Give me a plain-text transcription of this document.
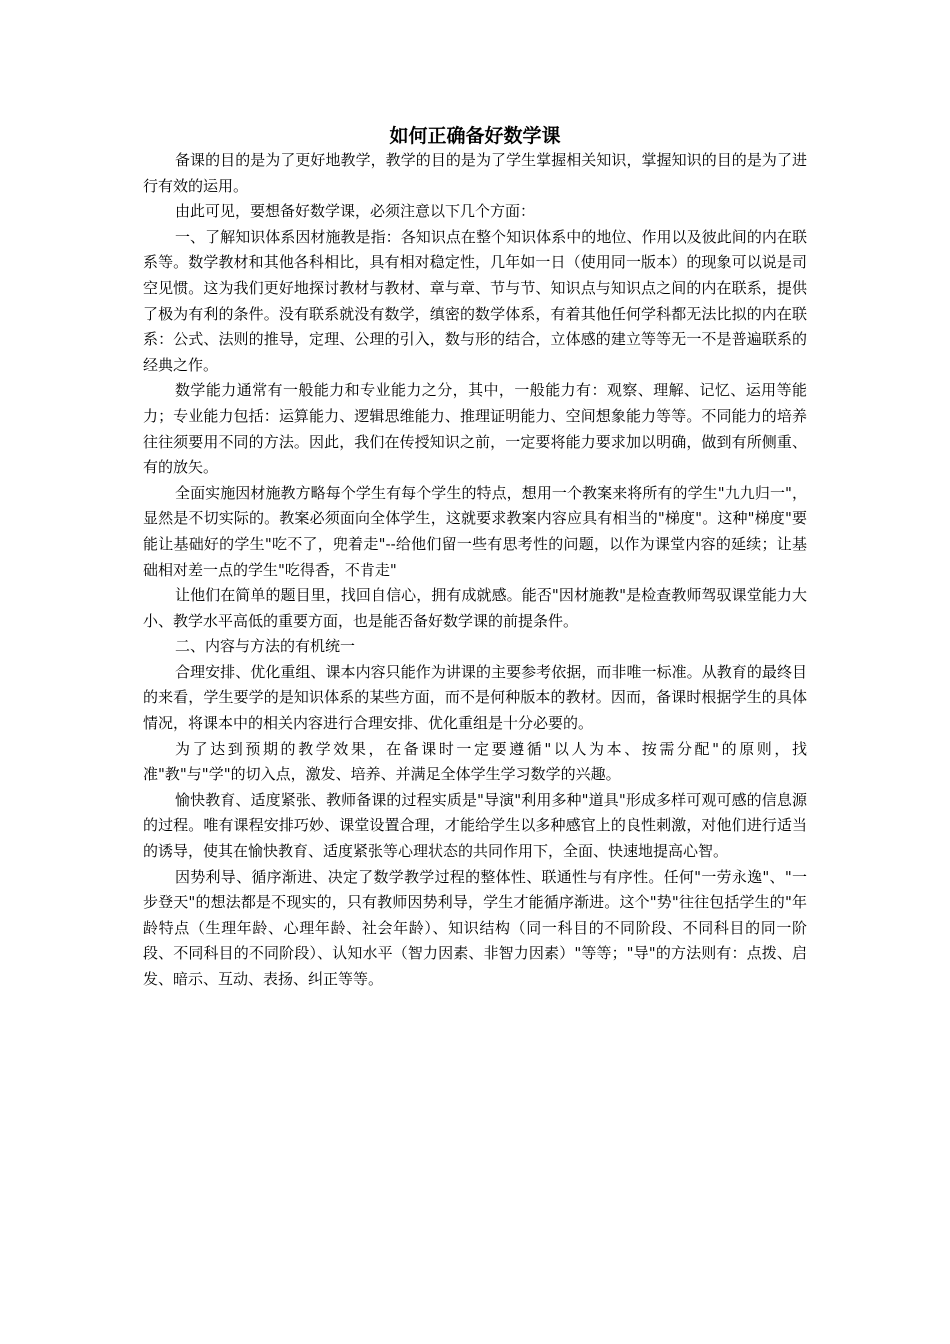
如何正确备好数学课

备课的目的是为了更好地教学，教学的目的是为了学生掌握相关知识，掌握知识的目的是为了进行有效的运用。

由此可见，要想备好数学课，必须注意以下几个方面：

一、了解知识体系因材施教是指：各知识点在整个知识体系中的地位、作用以及彼此间的内在联系等。数学教材和其他各科相比，具有相对稳定性，几年如一日（使用同一版本）的现象可以说是司空见惯。这为我们更好地探讨教材与教材、章与章、节与节、知识点与知识点之间的内在联系，提供了极为有利的条件。没有联系就没有数学，缜密的数学体系，有着其他任何学科都无法比拟的内在联系：公式、法则的推导，定理、公理的引入，数与形的结合，立体感的建立等等无一不是普遍联系的经典之作。

数学能力通常有一般能力和专业能力之分，其中，一般能力有：观察、理解、记忆、运用等能力；专业能力包括：运算能力、逻辑思维能力、推理证明能力、空间想象能力等等。不同能力的培养往往须要用不同的方法。因此，我们在传授知识之前，一定要将能力要求加以明确，做到有所侧重、有的放矢。

全面实施因材施教方略每个学生有每个学生的特点，想用一个教案来将所有的学生"九九归一"，显然是不切实际的。教案必须面向全体学生，这就要求教案内容应具有相当的"梯度"。这种"梯度"要能让基础好的学生"吃不了，兜着走"--给他们留一些有思考性的问题，以作为课堂内容的延续；让基础相对差一点的学生"吃得香，不肯走"

让他们在简单的题目里，找回自信心，拥有成就感。能否"因材施教"是检查教师驾驭课堂能力大小、教学水平高低的重要方面，也是能否备好数学课的前提条件。

二、内容与方法的有机统一

合理安排、优化重组、课本内容只能作为讲课的主要参考依据，而非唯一标准。从教育的最终目的来看，学生要学的是知识体系的某些方面，而不是何种版本的教材。因而，备课时根据学生的具体情况，将课本中的相关内容进行合理安排、优化重组是十分必要的。

为了达到预期的教学效果，在备课时一定要遵循"以人为本、按需分配"的原则，找准"教"与"学"的切入点，激发、培养、并满足全体学生学习数学的兴趣。

愉快教育、适度紧张、教师备课的过程实质是"导演"利用多种"道具"形成多样可观可感的信息源的过程。唯有课程安排巧妙、课堂设置合理，才能给学生以多种感官上的良性刺激，对他们进行适当的诱导，使其在愉快教育、适度紧张等心理状态的共同作用下，全面、快速地提高心智。

因势利导、循序渐进、决定了数学教学过程的整体性、联通性与有序性。任何"一劳永逸"、"一步登天"的想法都是不现实的，只有教师因势利导，学生才能循序渐进。这个"势"往往包括学生的"年龄特点（生理年龄、心理年龄、社会年龄）、知识结构（同一科目的不同阶段、不同科目的同一阶段、不同科目的不同阶段）、认知水平（智力因素、非智力因素）"等等；"导"的方法则有：点拨、启发、暗示、互动、表扬、纠正等等。
